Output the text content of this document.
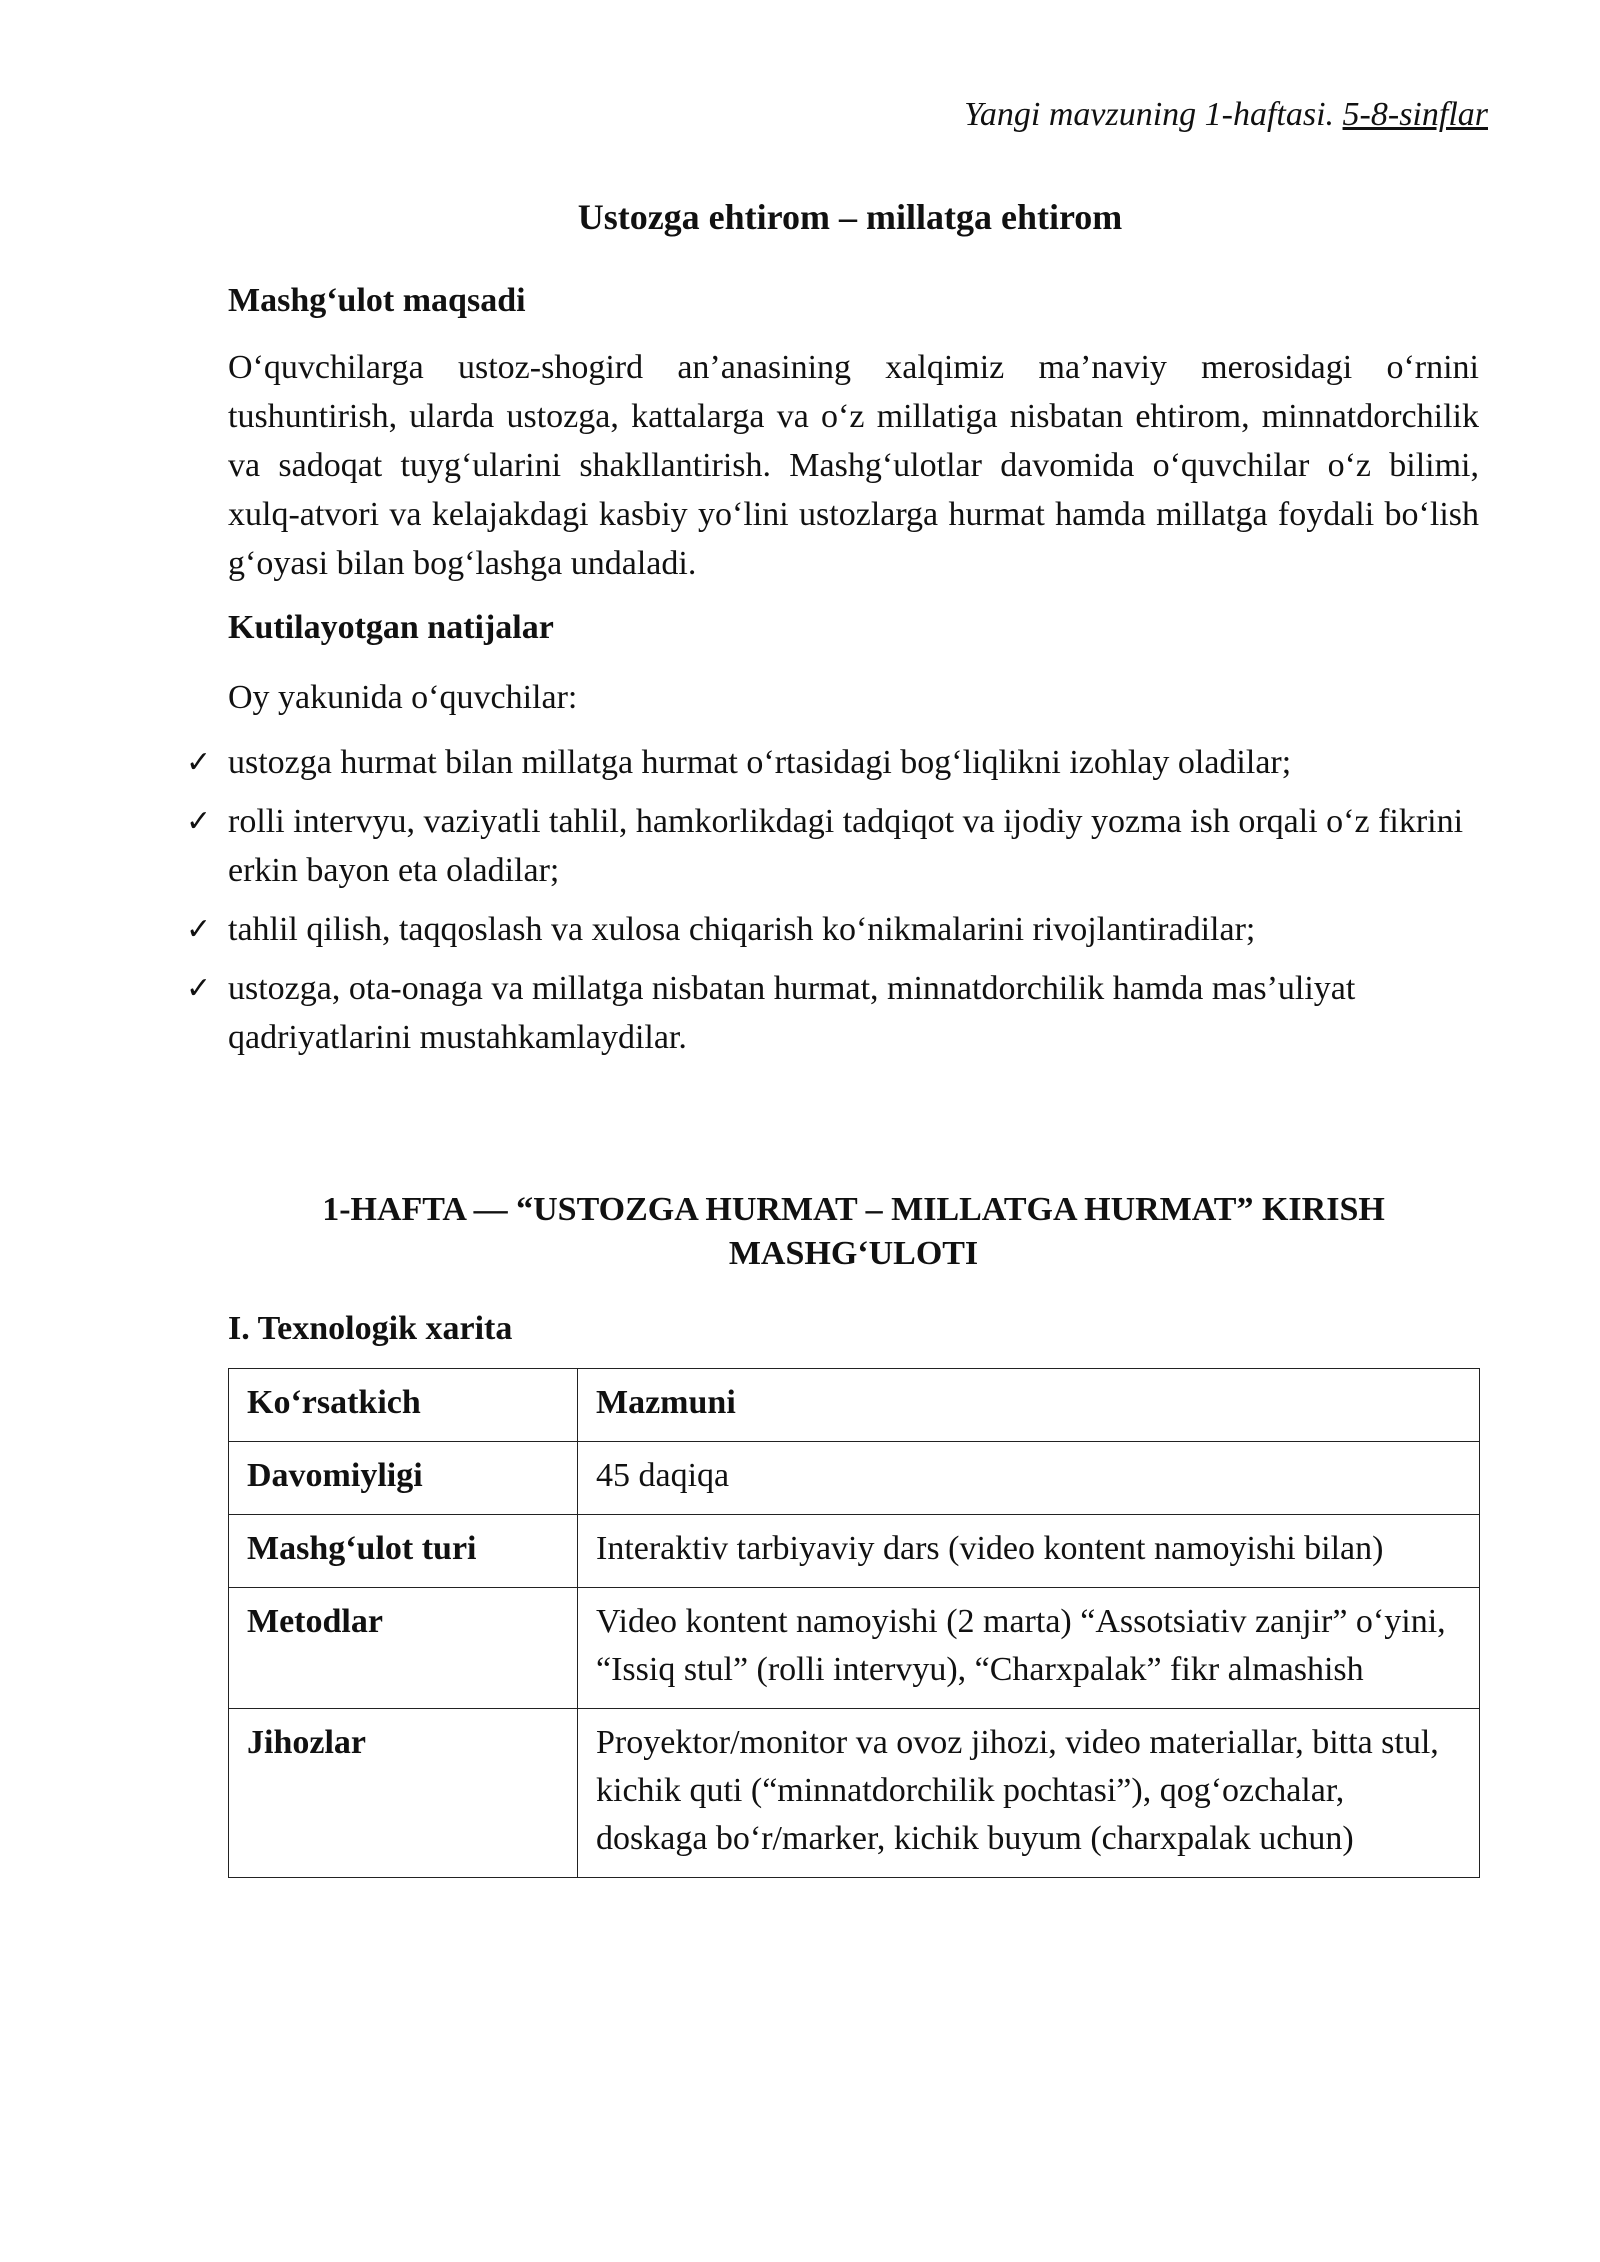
Yangi mavzuning 1-haftasi. 5-8-sinflar
Ustozga ehtirom – millatga ehtirom
Mashg‘ulot maqsadi
O‘quvchilarga ustoz-shogird an’anasining xalqimiz ma’naviy merosidagi o‘rnini tushuntirish, ularda ustozga, kattalarga va o‘z millatiga nisbatan ehtirom, minnatdorchilik va sadoqat tuyg‘ularini shakllantirish. Mashg‘ulotlar davomida o‘quvchilar o‘z bilimi, xulq-atvori va kelajakdagi kasbiy yo‘lini ustozlarga hurmat hamda millatga foydali bo‘lish g‘oyasi bilan bog‘lashga undaladi.
Kutilayotgan natijalar
Oy yakunida o‘quvchilar:
✓ ustozga hurmat bilan millatga hurmat o‘rtasidagi bog‘liqlikni izohlay oladilar;
✓ rolli intervyu, vaziyatli tahlil, hamkorlikdagi tadqiqot va ijodiy yozma ish orqali o‘z fikrini erkin bayon eta oladilar;
✓ tahlil qilish, taqqoslash va xulosa chiqarish ko‘nikmalarini rivojlantiradilar;
✓ ustozga, ota-onaga va millatga nisbatan hurmat, minnatdorchilik hamda mas’uliyat qadriyatlarini mustahkamlaydilar.
1-HAFTA — “USTOZGA HURMAT – MILLATGA HURMAT” KIRISH MASHG‘ULOTI
I. Texnologik xarita
Ko‘rsatkich	Mazmuni
Davomiyligi	45 daqiqa
Mashg‘ulot turi	Interaktiv tarbiyaviy dars (video kontent namoyishi bilan)
Metodlar	Video kontent namoyishi (2 marta) “Assotsiativ zanjir” o‘yini, “Issiq stul” (rolli intervyu), “Charxpalak” fikr almashish
Jihozlar	Proyektor/monitor va ovoz jihozi, video materiallar, bitta stul, kichik quti (“minnatdorchilik pochtasi”), qog‘ozchalar, doskaga bo‘r/marker, kichik buyum (charxpalak uchun)
